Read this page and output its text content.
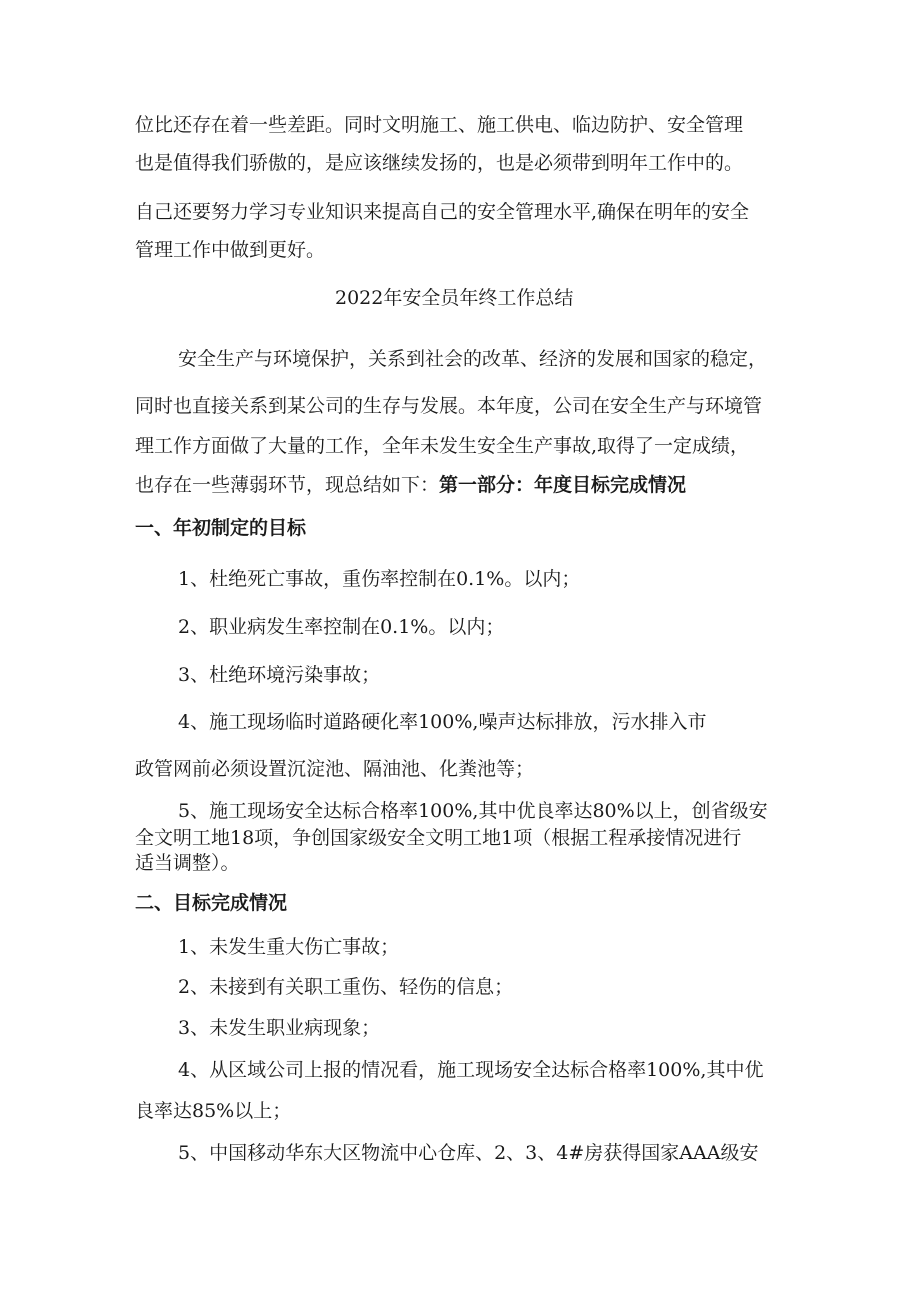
位比还存在着一些差距。同时文明施工、施工供电、临边防护、安全管理
也是值得我们骄傲的，是应该继续发扬的，也是必须带到明年工作中的。
自己还要努力学习专业知识来提高自己的安全管理水平,确保在明年的安全
管理工作中做到更好。
2022年安全员年终工作总结
安全生产与环境保护，关系到社会的改革、经济的发展和国家的稳定，
同时也直接关系到某公司的生存与发展。本年度，公司在安全生产与环境管
理工作方面做了大量的工作，全年未发生安全生产事故,取得了一定成绩，
也存在一些薄弱环节，现总结如下：第一部分：年度目标完成情况
一、年初制定的目标
1、杜绝死亡事故，重伤率控制在0.1%。以内；
2、职业病发生率控制在0.1%。以内；
3、杜绝环境污染事故；
4、施工现场临时道路硬化率100%,噪声达标排放，污水排入市
政管网前必须设置沉淀池、隔油池、化粪池等；
5、施工现场安全达标合格率100%,其中优良率达80%以上，创省级安
全文明工地18项，争创国家级安全文明工地1项（根据工程承接情况进行
适当调整）。
二、目标完成情况
1、未发生重大伤亡事故；
2、未接到有关职工重伤、轻伤的信息；
3、未发生职业病现象；
4、从区域公司上报的情况看，施工现场安全达标合格率100%,其中优
良率达85%以上；
5、中国移动华东大区物流中心仓库、2、3、4#房获得国家AAA级安
